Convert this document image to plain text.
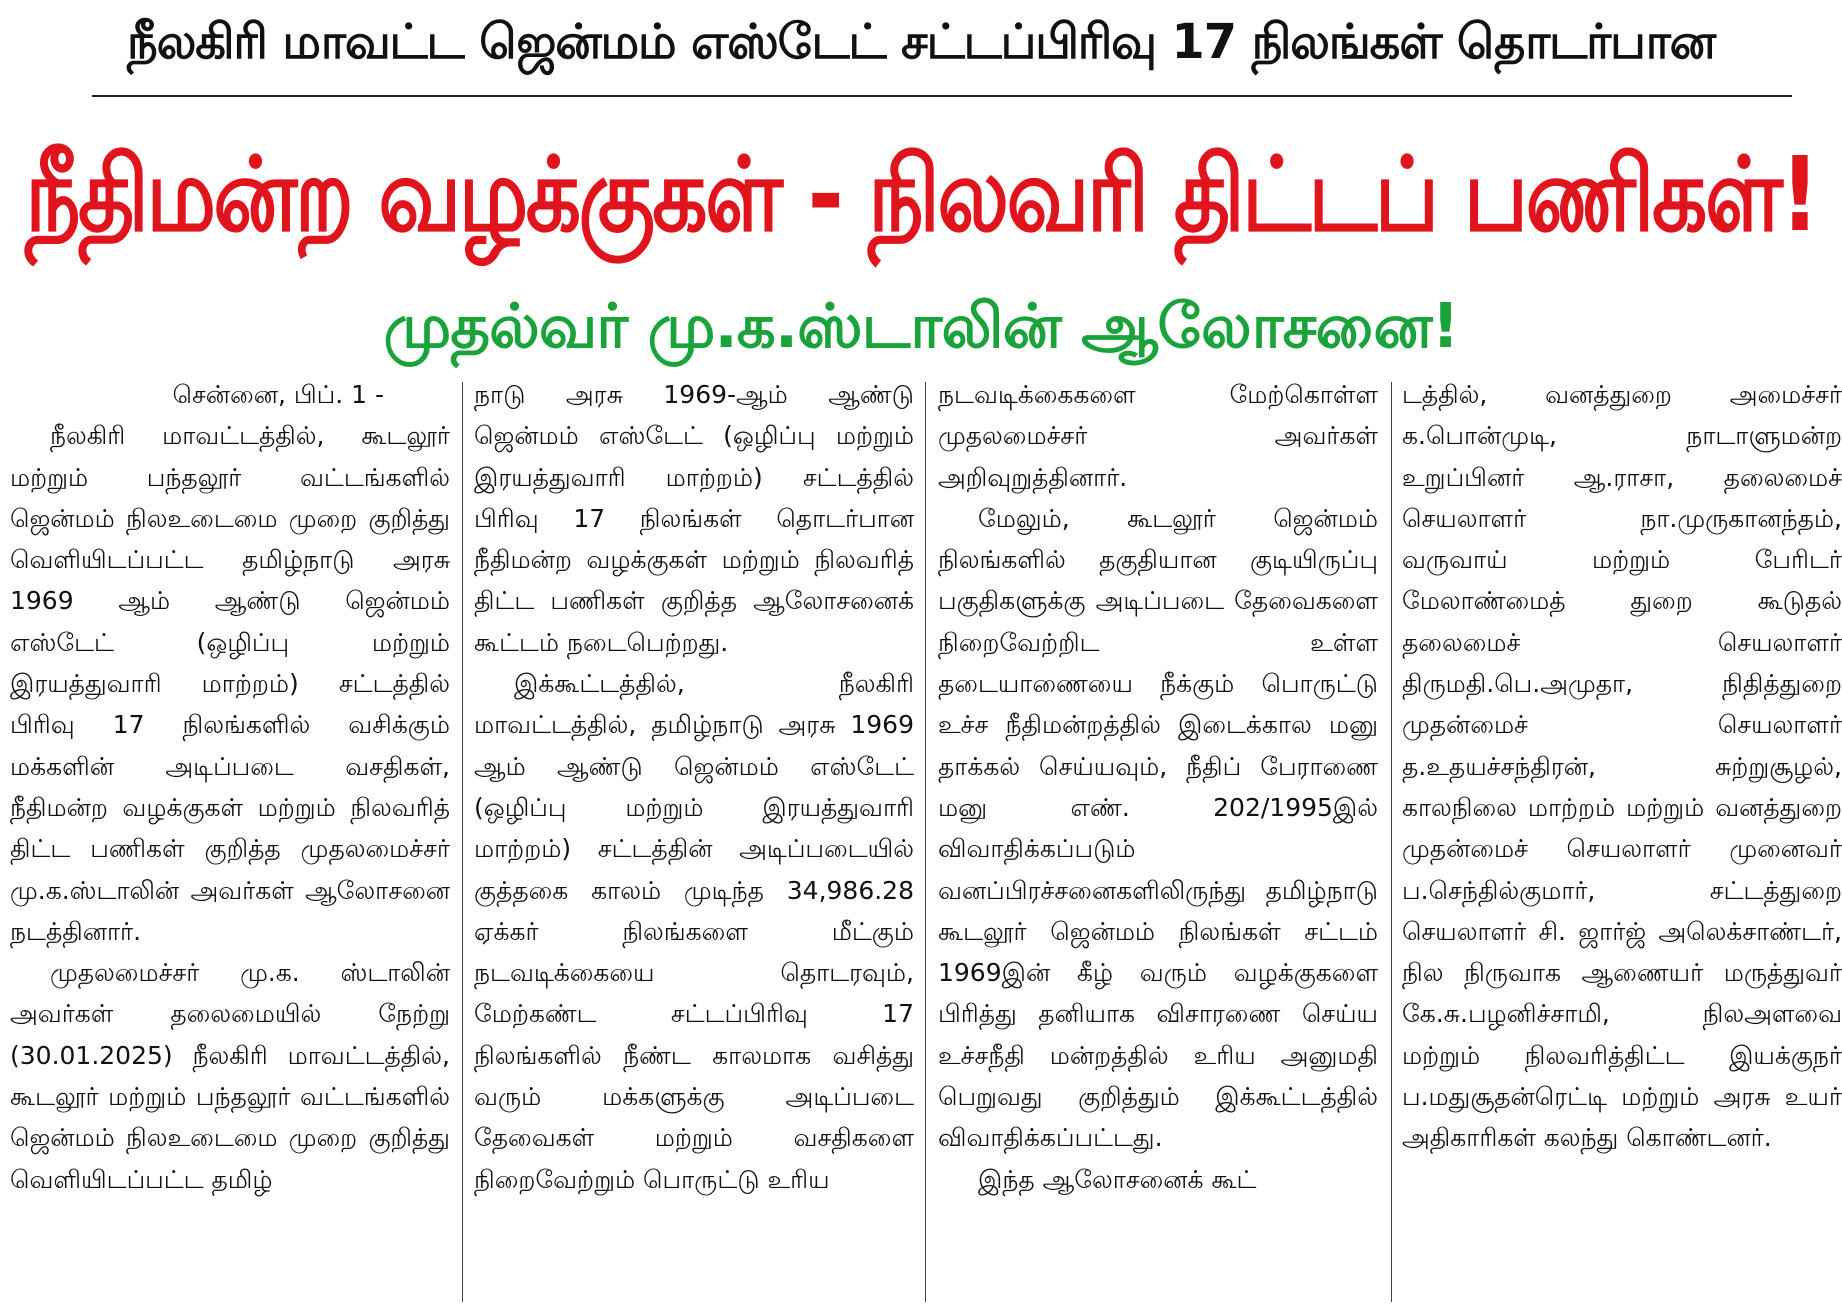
நீலகிரி மாவட்ட ஜென்மம் எஸ்டேட் சட்டப்பிரிவு 17 நிலங்கள் தொடர்பான
நீதிமன்ற வழக்குகள் - நிலவரி திட்டப் பணிகள்!
முதல்வர் மு.க.ஸ்டாலின் ஆலோசனை!

சென்னை, பிப். 1 -

நீலகிரி மாவட்டத்தில், கூடலூர் மற்றும் பந்தலூர் வட்டங்களில் ஜென்மம் நிலஉடைமை முறை குறித்து வெளியிடப்பட்ட தமிழ்நாடு அரசு 1969 ஆம் ஆண்டு ஜென்மம் எஸ்டேட் (ஒழிப்பு மற்றும் இரயத்துவாரி மாற்றம்) சட்டத்தில் பிரிவு 17 நிலங்களில் வசிக்கும் மக்களின் அடிப்படை வசதிகள், நீதிமன்ற வழக்குகள் மற்றும் நிலவரித் திட்ட பணிகள் குறித்த முதலமைச்சர் மு.க.ஸ்டாலின் அவர்கள் ஆலோசனை நடத்தினார்.

முதலமைச்சர் மு.க. ஸ்டாலின் அவர்கள் தலைமையில் நேற்று (30.01.2025) நீலகிரி மாவட்டத்தில், கூடலூர் மற்றும் பந்தலூர் வட்டங்களில் ஜென்மம் நிலஉடைமை முறை குறித்து வெளியிடப்பட்ட தமிழ்

நாடு அரசு 1969-ஆம் ஆண்டு ஜென்மம் எஸ்டேட் (ஒழிப்பு மற்றும் இரயத்துவாரி மாற்றம்) சட்டத்தில் பிரிவு 17 நிலங்கள் தொடர்பான நீதிமன்ற வழக்குகள் மற்றும் நிலவரித் திட்ட பணிகள் குறித்த ஆலோசனைக் கூட்டம் நடைபெற்றது.

இக்கூட்டத்தில், நீலகிரி மாவட்டத்தில், தமிழ்நாடு அரசு 1969 ஆம் ஆண்டு ஜென்மம் எஸ்டேட் (ஒழிப்பு மற்றும் இரயத்துவாரி மாற்றம்) சட்டத்தின் அடிப்படையில் குத்தகை காலம் முடிந்த 34,986.28 ஏக்கர் நிலங்களை மீட்கும் நடவடிக்கையை தொடரவும், மேற்கண்ட சட்டப்பிரிவு 17 நிலங்களில் நீண்ட காலமாக வசித்து வரும் மக்களுக்கு அடிப்படை தேவைகள் மற்றும் வசதிகளை நிறைவேற்றும் பொருட்டு உரிய

நடவடிக்கைகளை மேற்கொள்ள முதலமைச்சர் அவர்கள் அறிவுறுத்தினார்.

மேலும், கூடலூர் ஜென்மம் நிலங்களில் தகுதியான குடியிருப்பு பகுதிகளுக்கு அடிப்படை தேவைகளை நிறைவேற்றிட உள்ள தடையாணையை நீக்கும் பொருட்டு உச்ச நீதிமன்றத்தில் இடைக்கால மனு தாக்கல் செய்யவும், நீதிப் பேராணை மனு எண். 202/1995இல் விவாதிக்கப்படும் வனப்பிரச்சனைகளிலிருந்து தமிழ்நாடு கூடலூர் ஜென்மம் நிலங்கள் சட்டம் 1969இன் கீழ் வரும் வழக்குகளை பிரித்து தனியாக விசாரணை செய்ய உச்சநீதி மன்றத்தில் உரிய அனுமதி பெறுவது குறித்தும் இக்கூட்டத்தில் விவாதிக்கப்பட்டது.

இந்த ஆலோசனைக் கூட்

டத்தில், வனத்துறை அமைச்சர் க.பொன்முடி, நாடாளுமன்ற உறுப்பினர் ஆ.ராசா, தலைமைச் செயலாளர் நா.முருகானந்தம், வருவாய் மற்றும் பேரிடர் மேலாண்மைத் துறை கூடுதல் தலைமைச் செயலாளர் திருமதி.பெ.அமுதா, நிதித்துறை முதன்மைச் செயலாளர் த.உதயச்சந்திரன், சுற்றுசூழல், காலநிலை மாற்றம் மற்றும் வனத்துறை முதன்மைச் செயலாளர் முனைவர் ப.செந்தில்குமார், சட்டத்துறை செயலாளர் சி. ஜார்ஜ் அலெக்சாண்டர், நில நிருவாக ஆணையர் மருத்துவர் கே.சு.பழனிச்சாமி, நிலஅளவை மற்றும் நிலவரித்திட்ட இயக்குநர் ப.மதுசூதன்ரெட்டி மற்றும் அரசு உயர் அதிகாரிகள் கலந்து கொண்டனர்.
